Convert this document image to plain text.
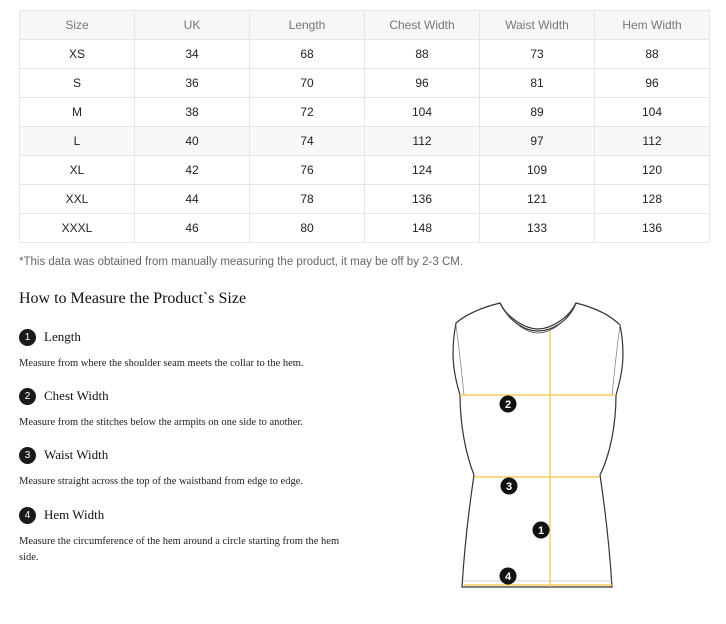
Size	UK	Length	Chest Width	Waist Width	Hem Width
XS	34	68	88	73	88
S	36	70	96	81	96
M	38	72	104	89	104
L	40	74	112	97	112
XL	42	76	124	109	120
XXL	44	78	136	121	128
XXXL	46	80	148	133	136
*This data was obtained from manually measuring the product, it may be off by 2-3 CM.
How to Measure the Product`s Size
1	Length
Measure from where the shoulder seam meets the collar to the hem.
2	Chest Width
Measure from the stitches below the armpits on one side to another.
3	Waist Width
Measure straight across the top of the waistband from edge to edge.
4	Hem Width
Measure the circumference of the hem around a circle starting from the hem side.
2
3
1
4
